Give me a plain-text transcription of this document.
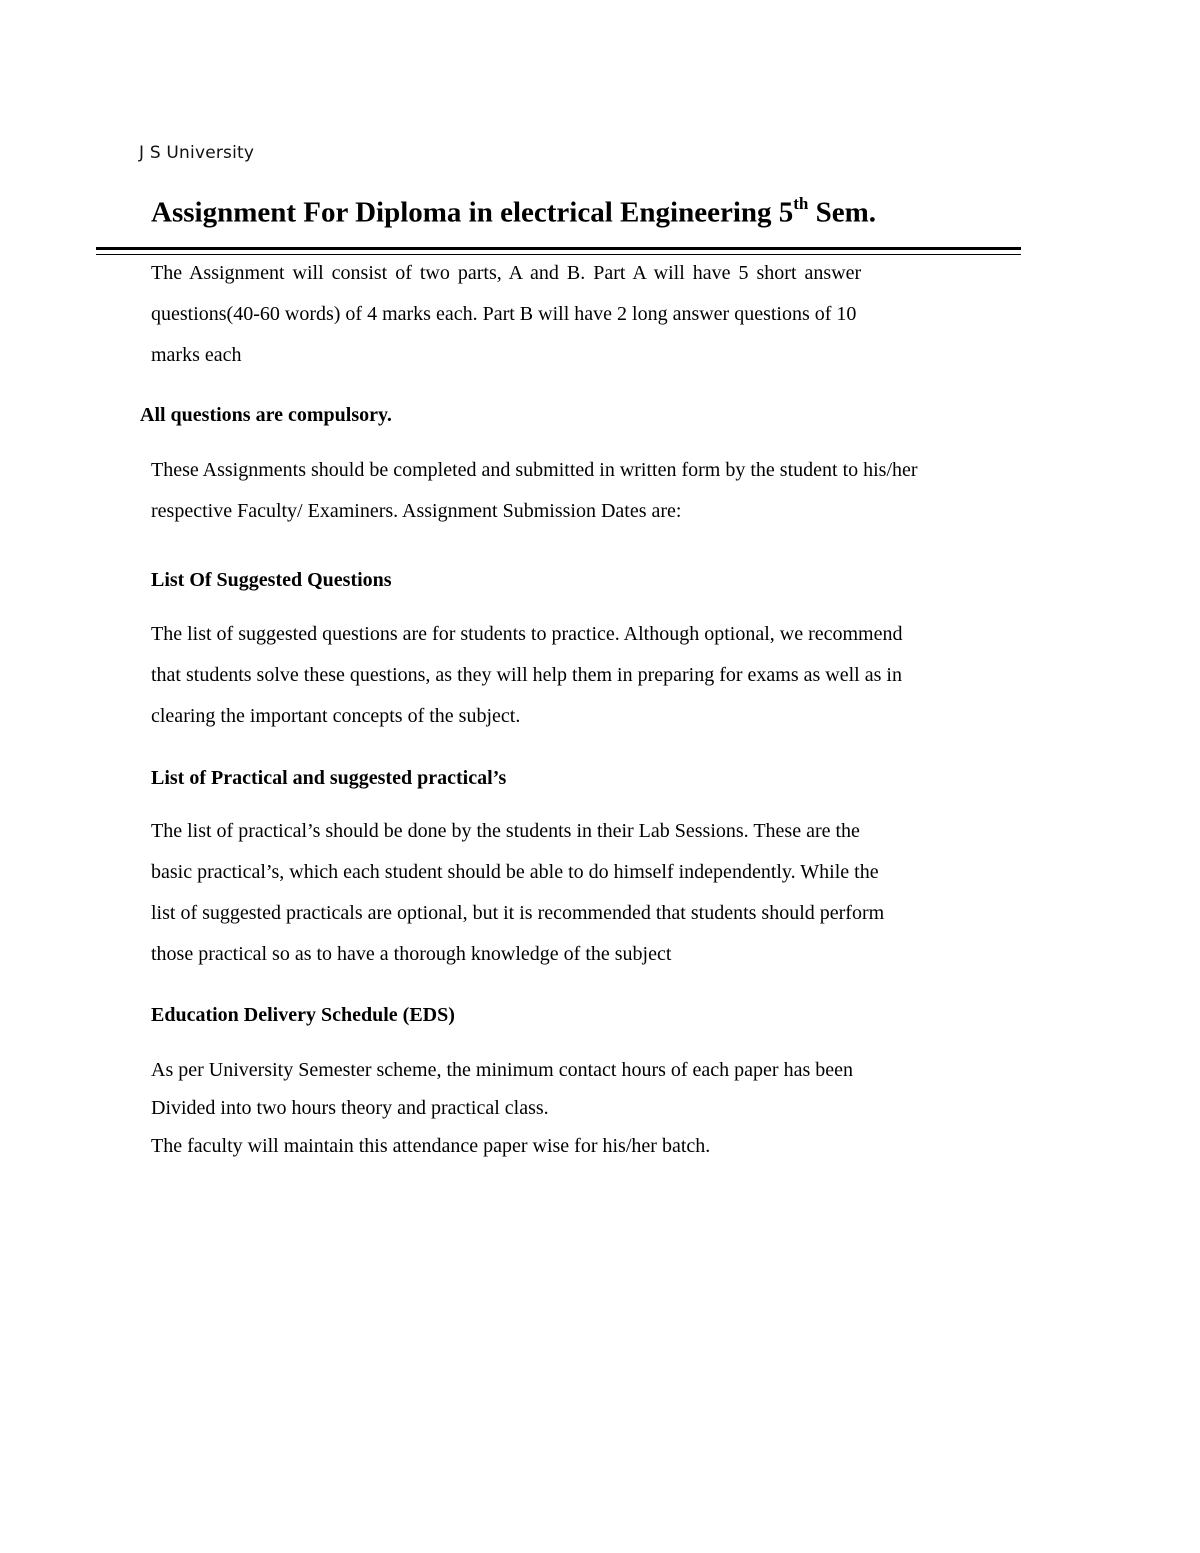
J S University
Assignment For Diploma in electrical Engineering 5th Sem.
The Assignment will consist of two parts, A and B. Part A will have 5 short answer
questions(40-60 words) of 4 marks each. Part B will have 2 long answer questions of 10
marks each
All questions are compulsory.
These Assignments should be completed and submitted in written form by the student to his/her
respective Faculty/ Examiners. Assignment Submission Dates are:
List Of Suggested Questions
The list of suggested questions are for students to practice. Although optional, we recommend
that students solve these questions, as they will help them in preparing for exams as well as in
clearing the important concepts of the subject.
List of Practical and suggested practical’s
The list of practical’s should be done by the students in their Lab Sessions. These are the
basic practical’s, which each student should be able to do himself independently. While the
list of suggested practicals are optional, but it is recommended that students should perform
those practical so as to have a thorough knowledge of the subject
Education Delivery Schedule (EDS)
As per University Semester scheme, the minimum contact hours of each paper has been
Divided into two hours theory and practical class.
The faculty will maintain this attendance paper wise for his/her batch.
